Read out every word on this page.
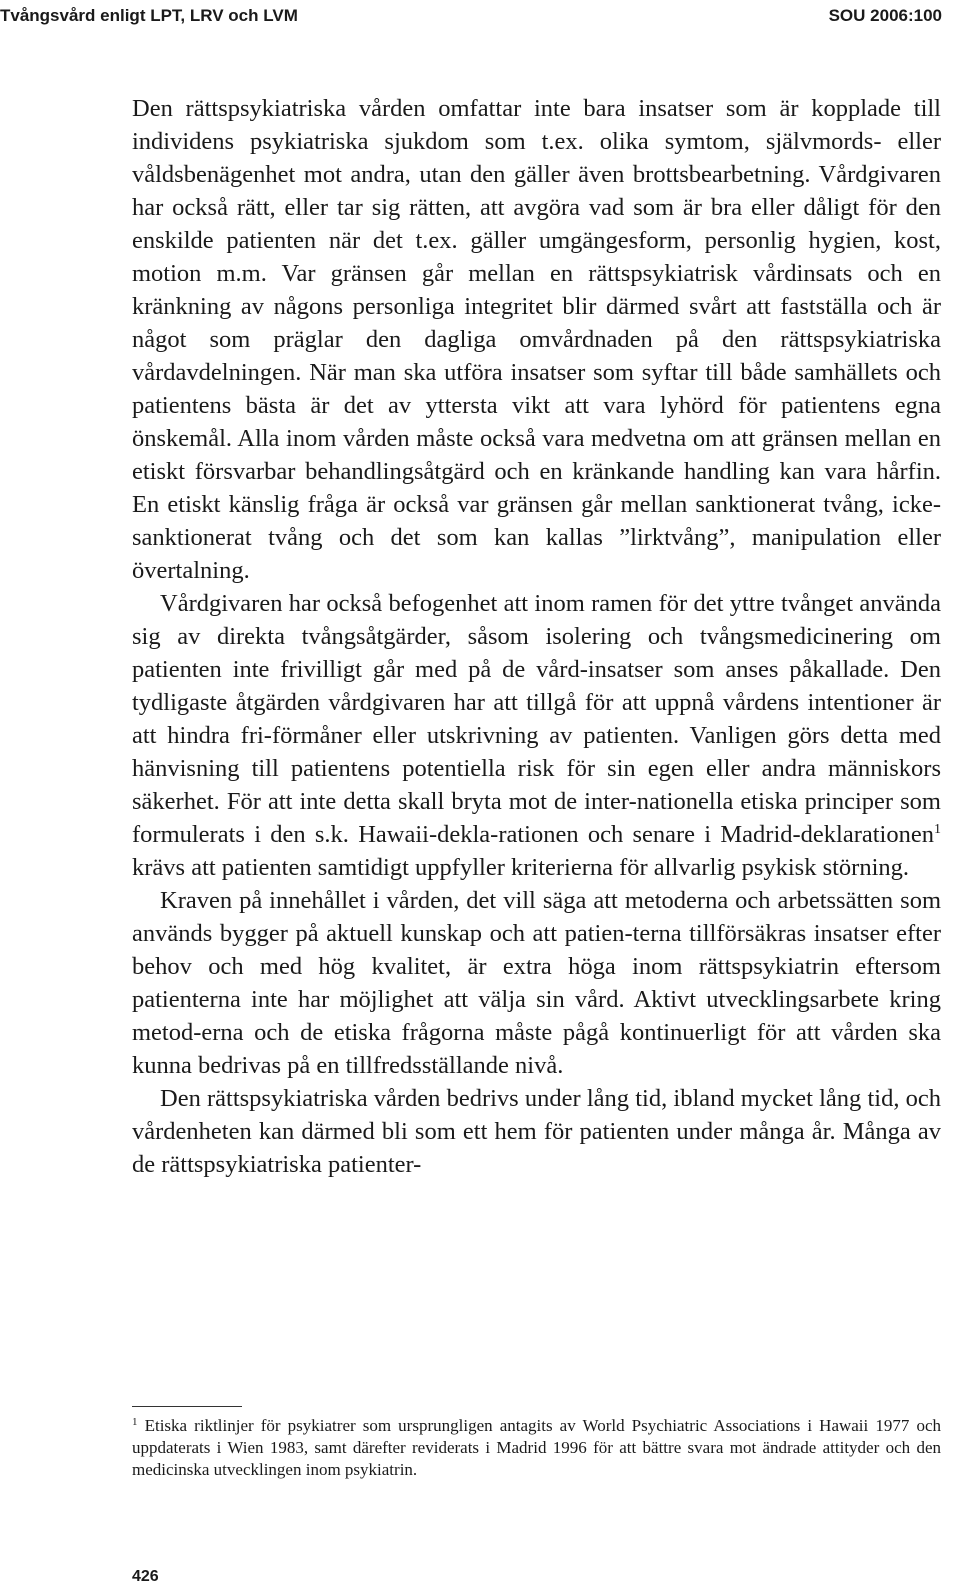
Tvångsvård enligt LPT, LRV och LVM	SOU 2006:100

Den rättspsykiatriska vården omfattar inte bara insatser som är kopplade till individens psykiatriska sjukdom som t.ex. olika symtom, självmords- eller våldsbenägenhet mot andra, utan den gäller även brottsbearbetning. Vårdgivaren har också rätt, eller tar sig rätten, att avgöra vad som är bra eller dåligt för den enskilde patienten när det t.ex. gäller umgängesform, personlig hygien, kost, motion m.m. Var gränsen går mellan en rättspsykiatrisk vårdinsats och en kränkning av någons personliga integritet blir därmed svårt att fastställa och är något som präglar den dagliga omvårdnaden på den rättspsykiatriska vårdavdelningen. När man ska utföra insatser som syftar till både samhällets och patientens bästa är det av yttersta vikt att vara lyhörd för patientens egna önskemål. Alla inom vården måste också vara medvetna om att gränsen mellan en etiskt försvarbar behandlingsåtgärd och en kränkande handling kan vara hårfin. En etiskt känslig fråga är också var gränsen går mellan sanktionerat tvång, icke-sanktionerat tvång och det som kan kallas ”lirktvång”, manipulation eller övertalning.

Vårdgivaren har också befogenhet att inom ramen för det yttre tvånget använda sig av direkta tvångsåtgärder, såsom isolering och tvångsmedicinering om patienten inte frivilligt går med på de vård-insatser som anses påkallade. Den tydligaste åtgärden vårdgivaren har att tillgå för att uppnå vårdens intentioner är att hindra fri-förmåner eller utskrivning av patienten. Vanligen görs detta med hänvisning till patientens potentiella risk för sin egen eller andra människors säkerhet. För att inte detta skall bryta mot de inter-nationella etiska principer som formulerats i den s.k. Hawaii-dekla-rationen och senare i Madrid-deklarationen$^1$ krävs att patienten samtidigt uppfyller kriterierna för allvarlig psykisk störning.

Kraven på innehållet i vården, det vill säga att metoderna och arbetssätten som används bygger på aktuell kunskap och att patien-terna tillförsäkras insatser efter behov och med hög kvalitet, är extra höga inom rättspsykiatrin eftersom patienterna inte har möjlighet att välja sin vård. Aktivt utvecklingsarbete kring metod-erna och de etiska frågorna måste pågå kontinuerligt för att vården ska kunna bedrivas på en tillfredsställande nivå.

Den rättspsykiatriska vården bedrivs under lång tid, ibland mycket lång tid, och vårdenheten kan därmed bli som ett hem för patienten under många år. Många av de rättspsykiatriska patienter-

$^1$ Etiska riktlinjer för psykiatrer som ursprungligen antagits av World Psychiatric Associations i Hawaii 1977 och uppdaterats i Wien 1983, samt därefter reviderats i Madrid 1996 för att bättre svara mot ändrade attityder och den medicinska utvecklingen inom psykiatrin.
426
